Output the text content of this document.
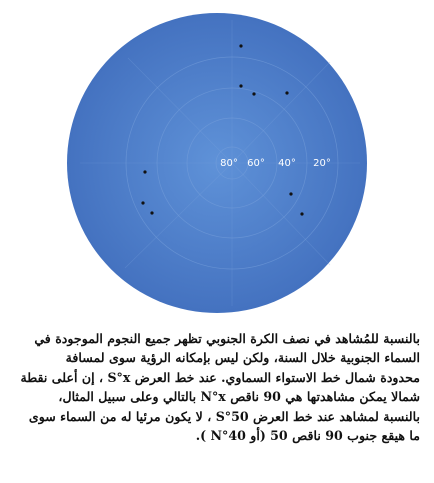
80° 60° 40° 20°
بالنسبة للمُشاهد في نصف الكرة الجنوبي تظهر جميع النجوم الموجودة في
السماء الجنوبية خلال السنة، ولكن ليس بإمكانه الرؤية سوى لمسافة
محدودة شمال خط الاستواء السماوي. عند خط العرض S°x ، إن أعلى نقطة
شمالا يمكن مشاهدتها هي 90 ناقص N°x بالتالي وعلى سبيل المثال،
بالنسبة لمشاهد عند خط العرض S°50 ، لا يكون مرئيا له من السماء سوى
ما هيقع جنوب 90 ناقص 50 (أو N°40 ).
